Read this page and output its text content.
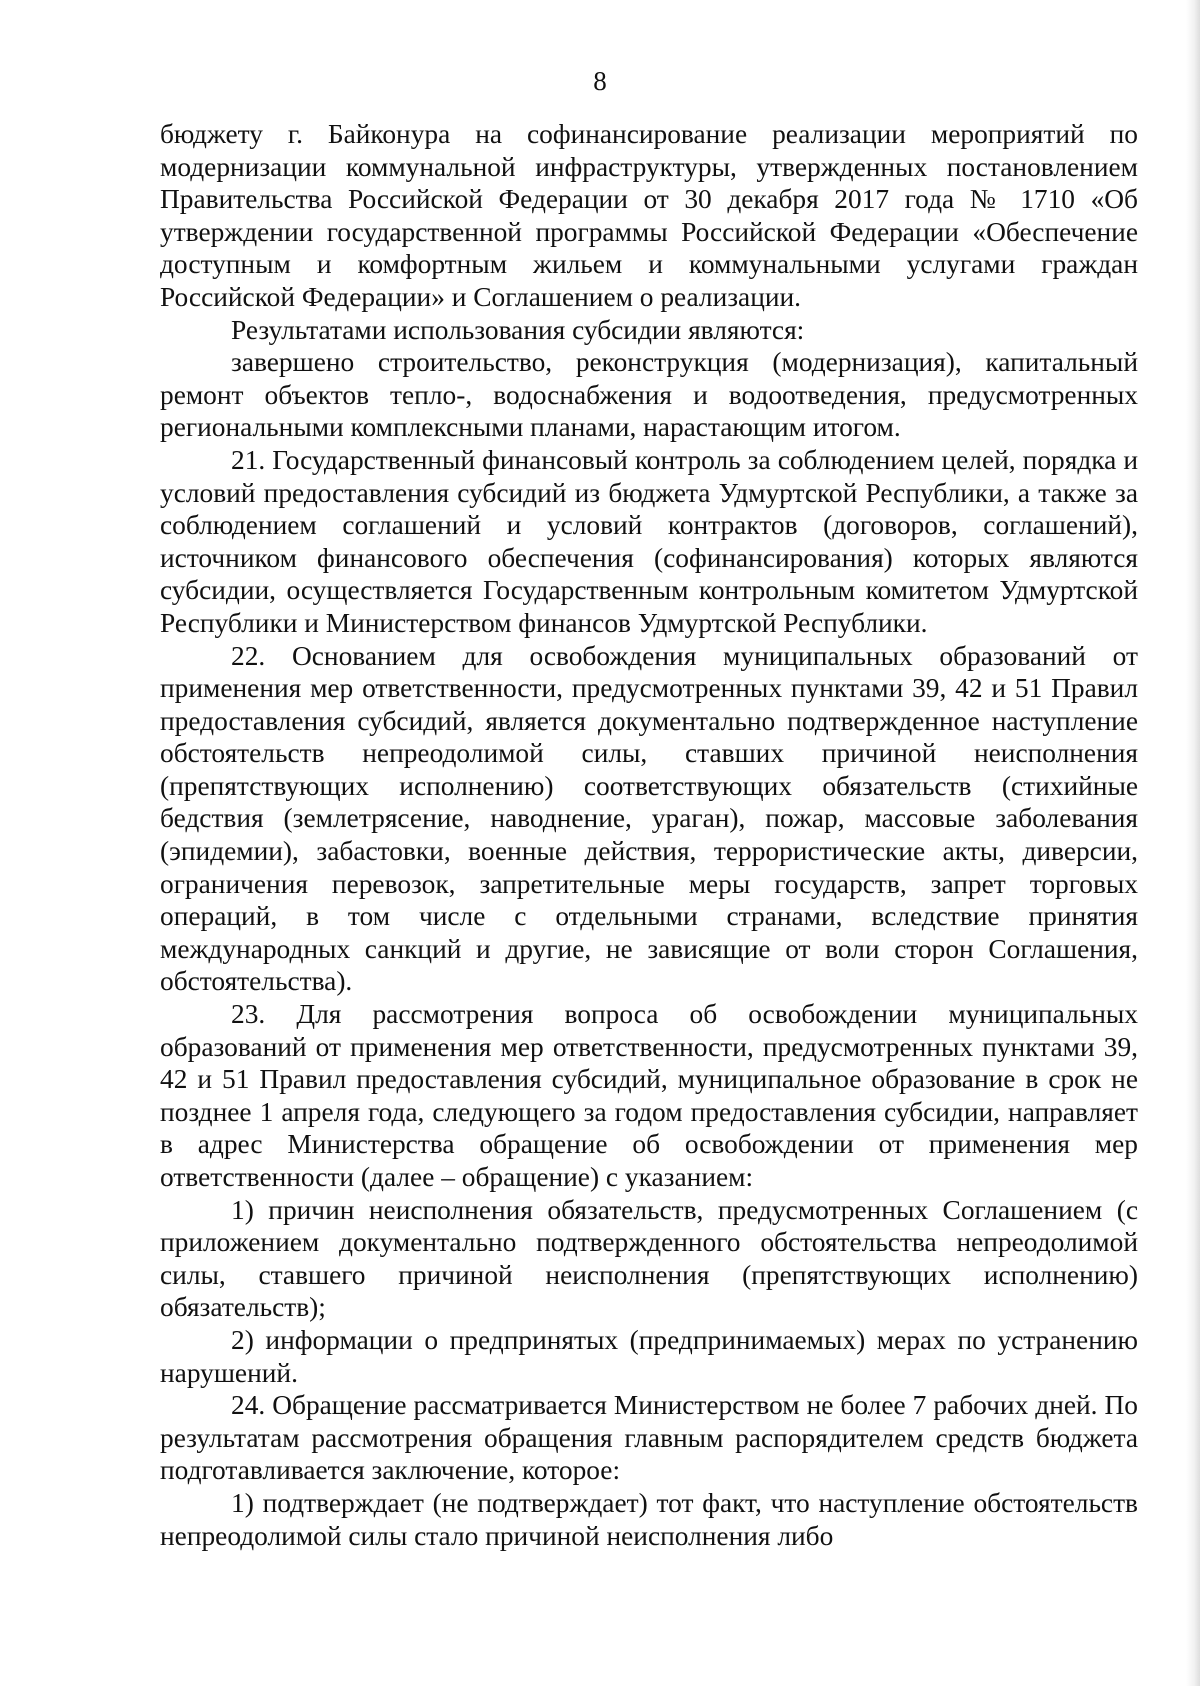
8

бюджету г. Байконура на софинансирование реализации мероприятий по модернизации коммунальной инфраструктуры, утвержденных постановлением Правительства Российской Федерации от 30 декабря 2017 года № 1710 «Об утверждении государственной программы Российской Федерации «Обеспечение доступным и комфортным жильем и коммунальными услугами граждан Российской Федерации» и Соглашением о реализации.

Результатами использования субсидии являются:

завершено строительство, реконструкция (модернизация), капитальный ремонт объектов тепло-, водоснабжения и водоотведения, предусмотренных региональными комплексными планами, нарастающим итогом.

21. Государственный финансовый контроль за соблюдением целей, порядка и условий предоставления субсидий из бюджета Удмуртской Республики, а также за соблюдением соглашений и условий контрактов (договоров, соглашений), источником финансового обеспечения (софинансирования) которых являются субсидии, осуществляется Государственным контрольным комитетом Удмуртской Республики и Министерством финансов Удмуртской Республики.

22. Основанием для освобождения муниципальных образований от применения мер ответственности, предусмотренных пунктами 39, 42 и 51 Правил предоставления субсидий, является документально подтвержденное наступление обстоятельств непреодолимой силы, ставших причиной неисполнения (препятствующих исполнению) соответствующих обязательств (стихийные бедствия (землетрясение, наводнение, ураган), пожар, массовые заболевания (эпидемии), забастовки, военные действия, террористические акты, диверсии, ограничения перевозок, запретительные меры государств, запрет торговых операций, в том числе с отдельными странами, вследствие принятия международных санкций и другие, не зависящие от воли сторон Соглашения, обстоятельства).

23. Для рассмотрения вопроса об освобождении муниципальных образований от применения мер ответственности, предусмотренных пунктами 39, 42 и 51 Правил предоставления субсидий, муниципальное образование в срок не позднее 1 апреля года, следующего за годом предоставления субсидии, направляет в адрес Министерства обращение об освобождении от применения мер ответственности (далее – обращение) с указанием:

1) причин неисполнения обязательств, предусмотренных Соглашением (с приложением документально подтвержденного обстоятельства непреодолимой силы, ставшего причиной неисполнения (препятствующих исполнению) обязательств);

2) информации о предпринятых (предпринимаемых) мерах по устранению нарушений.

24. Обращение рассматривается Министерством не более 7 рабочих дней. По результатам рассмотрения обращения главным распорядителем средств бюджета подготавливается заключение, которое:

1) подтверждает (не подтверждает) тот факт, что наступление обстоятельств непреодолимой силы стало причиной неисполнения либо
